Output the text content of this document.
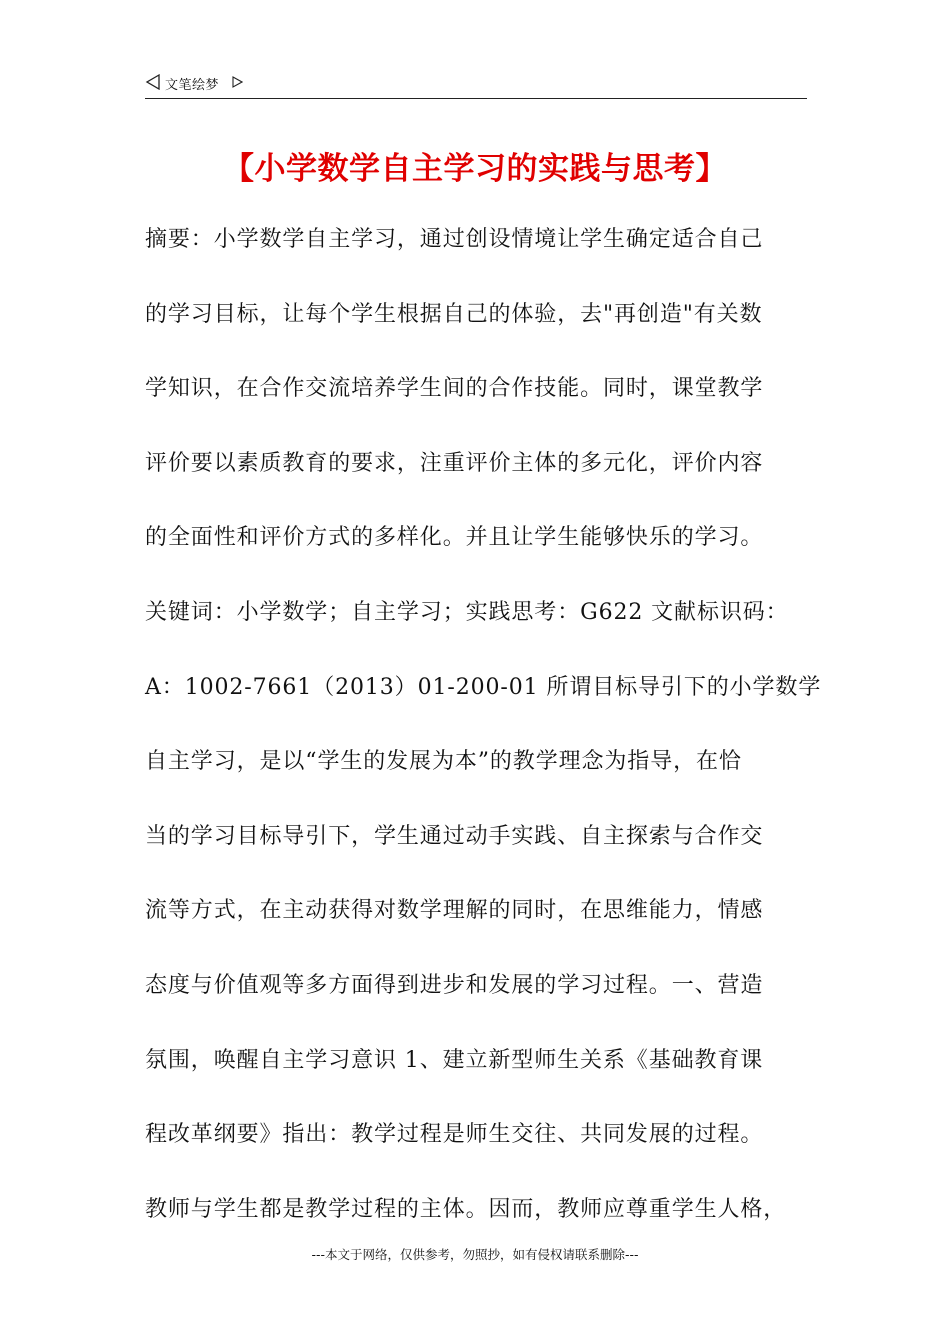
文笔绘梦
【小学数学自主学习的实践与思考】
摘要：小学数学自主学习，通过创设情境让学生确定适合自己
的学习目标，让每个学生根据自己的体验，去"再创造"有关数
学知识，在合作交流培养学生间的合作技能。同时，课堂教学
评价要以素质教育的要求，注重评价主体的多元化，评价内容
的全面性和评价方式的多样化。并且让学生能够快乐的学习。
关键词：小学数学；自主学习；实践思考：G622 文献标识码：
A：1002-7661（2013）01-200-01 所谓目标导引下的小学数学
自主学习，是以“学生的发展为本”的教学理念为指导，在恰
当的学习目标导引下，学生通过动手实践、自主探索与合作交
流等方式，在主动获得对数学理解的同时，在思维能力，情感
态度与价值观等多方面得到进步和发展的学习过程。一、营造
氛围，唤醒自主学习意识 1、建立新型师生关系《基础教育课
程改革纲要》指出：教学过程是师生交往、共同发展的过程。
教师与学生都是教学过程的主体。因而，教师应尊重学生人格，
---本文于网络，仅供参考，勿照抄，如有侵权请联系删除---
